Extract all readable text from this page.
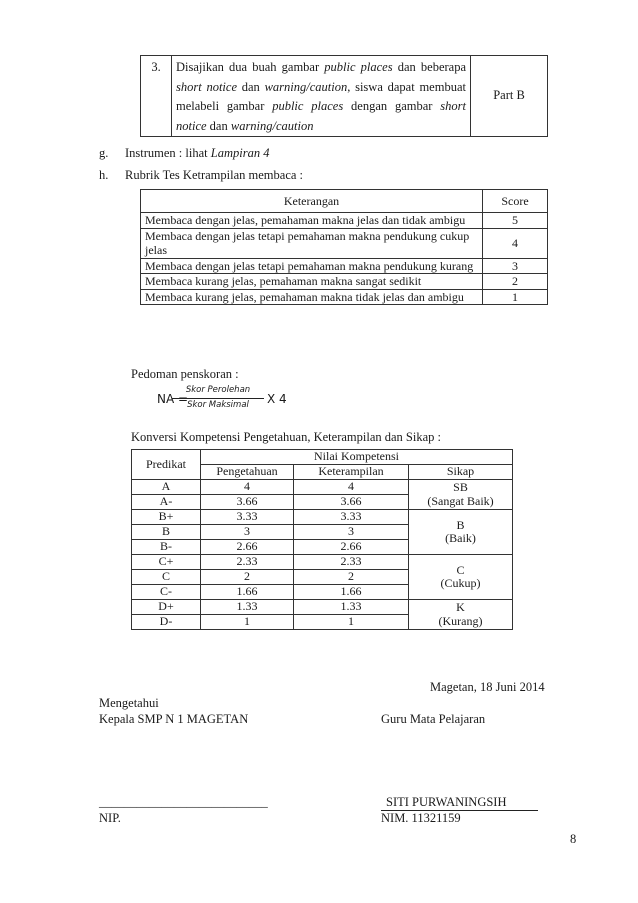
3.	Disajikan dua buah gambar public places dan beberapa short notice dan warning/caution, siswa dapat membuat melabeli gambar public places dengan gambar short notice dan warning/caution	Part B
g. Instrumen : lihat Lampiran 4
h. Rubrik Tes Ketrampilan membaca :
Keterangan	Score
Membaca dengan jelas, pemahaman makna jelas dan tidak ambigu	5
Membaca dengan jelas tetapi pemahaman makna pendukung cukup jelas	4
Membaca dengan jelas tetapi pemahaman makna pendukung kurang	3
Membaca kurang jelas, pemahaman makna sangat sedikit	2
Membaca kurang jelas, pemahaman makna tidak jelas dan ambigu	1
Pedoman penskoran :
NA =
Skor Perolehan
Skor Maksimal	X 4
Konversi Kompetensi Pengetahuan, Keterampilan dan Sikap :
Predikat	Nilai Kompetensi		
	Pengetahuan	Keterampilan	Sikap
A	4	4	SB
(Sangat Baik)

A-	3.66	3.66	
B+	3.33	3.33	B
(Baik)

B	3	3	
B-	2.66	2.66	
C+	2.33	2.33	C
(Cukup)

C	2	2	
C-	1.66	1.66	
D+	1.33	1.33	K
(Kurang)

D-	1	1	
Magetan, 18 Juni 2014
Mengetahui
Kepala SMP N 1 MAGETAN	Guru Mata Pelajaran
___________________________	SITI PURWANINGSIH
NIP.	NIM. 11321159
8
